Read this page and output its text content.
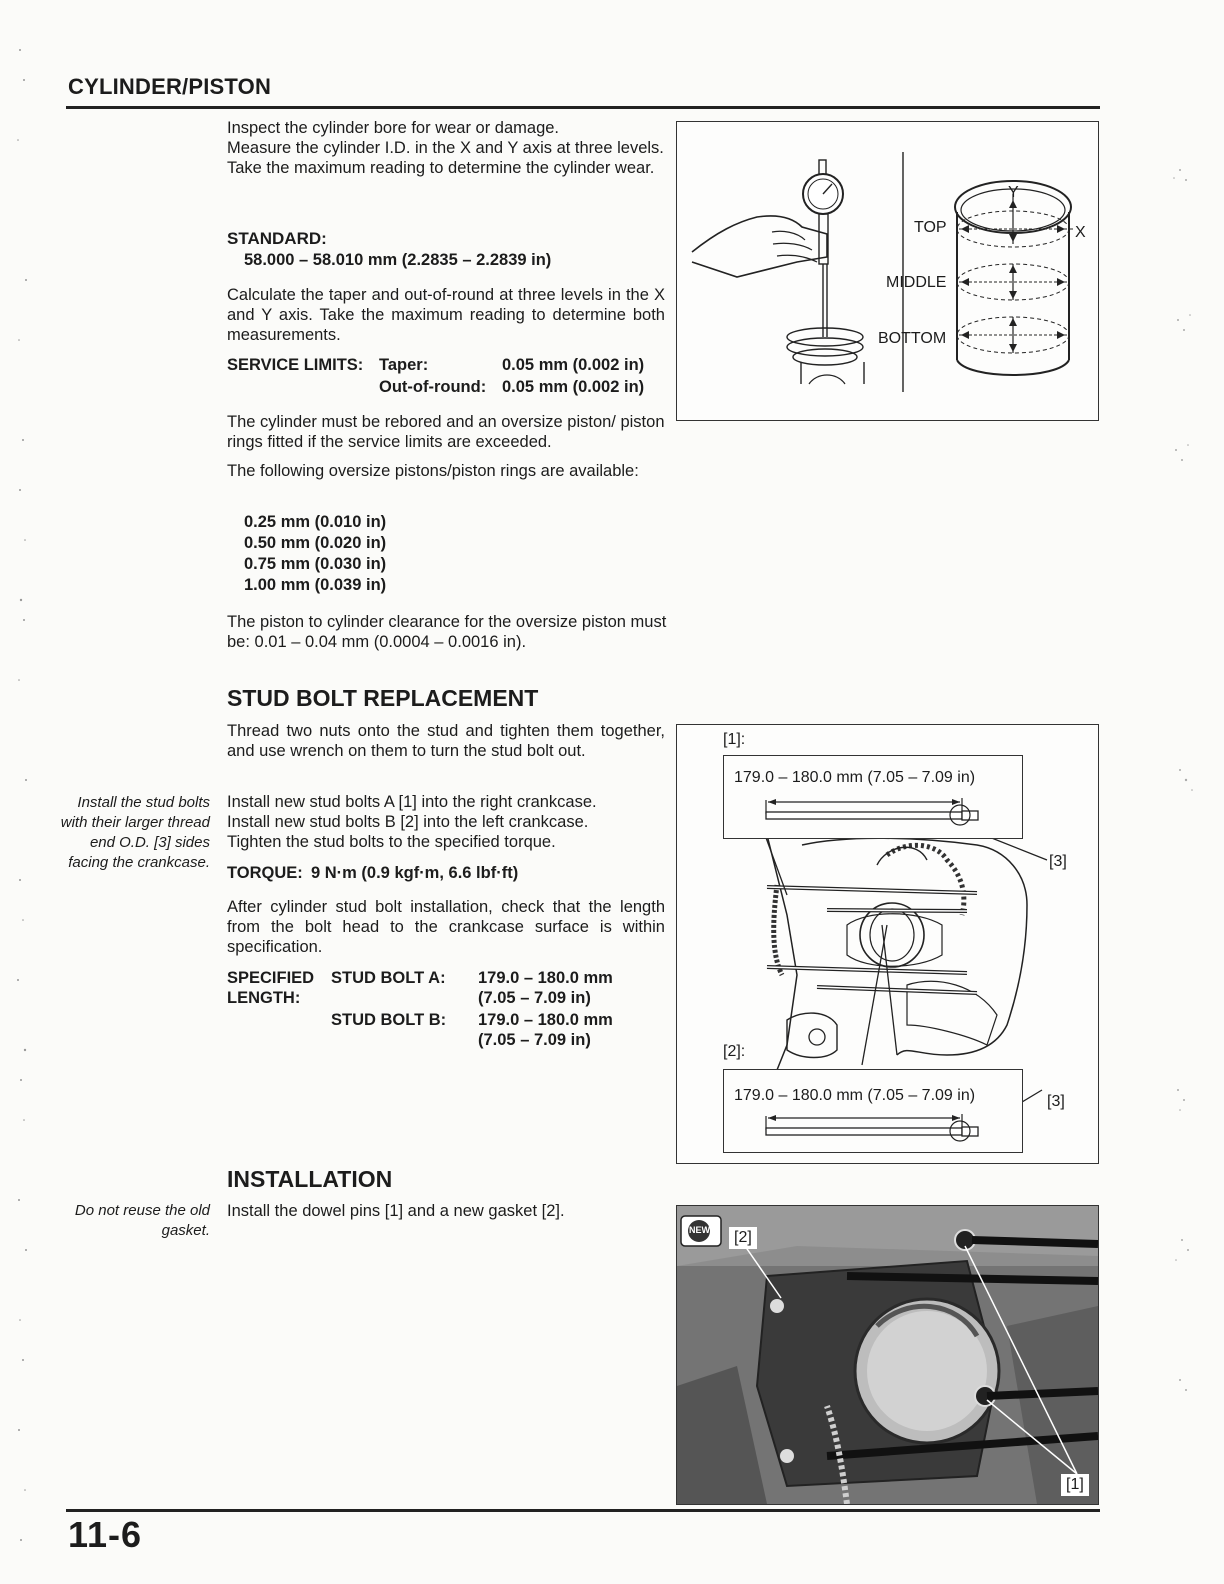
CYLINDER/PISTON
Inspect the cylinder bore for wear or damage.
Measure the cylinder I.D. in the X and Y axis at three levels.
Take the maximum reading to determine the cylinder wear.
STANDARD:
58.000 – 58.010 mm (2.2835 – 2.2839 in)
Calculate the taper and out-of-round at three levels in the X and Y axis. Take the maximum reading to determine both measurements.
SERVICE LIMITS: Taper:	0.05 mm (0.002 in)
Out-of-round: 0.05 mm (0.002 in)
The cylinder must be rebored and an oversize piston/ piston rings fitted if the service limits are exceeded.
The following oversize pistons/piston rings are available:
0.25 mm (0.010 in)
0.50 mm (0.020 in)
0.75 mm (0.030 in)
1.00 mm (0.039 in)
The piston to cylinder clearance for the oversize piston must be: 0.01 – 0.04 mm (0.0004 – 0.0016 in).
TOP
MIDDLE
BOTTOM
X
Y
STUD BOLT REPLACEMENT
Thread two nuts onto the stud and tighten them together, and use wrench on them to turn the stud bolt out.
Install the stud bolts with their larger thread end O.D. [3] sides facing the crankcase.
Install new stud bolts A [1] into the right crankcase.
Install new stud bolts B [2] into the left crankcase.
Tighten the stud bolts to the specified torque.
TORQUE: 9 N·m (0.9 kgf·m, 6.6 lbf·ft)
After cylinder stud bolt installation, check that the length from the bolt head to the crankcase surface is within specification.
SPECIFIED
LENGTH:
STUD BOLT A: 179.0 – 180.0 mm
(7.05 – 7.09 in)
STUD BOLT B: 179.0 – 180.0 mm
(7.05 – 7.09 in)
179.0 – 180.0 mm (7.05 – 7.09 in)
179.0 – 180.0 mm (7.05 – 7.09 in)
[1]:
[2]:
[3]
[3]
INSTALLATION
Do not reuse the old gasket.
Install the dowel pins [1] and a new gasket [2].
NEW	[2]
[1]
11-6
